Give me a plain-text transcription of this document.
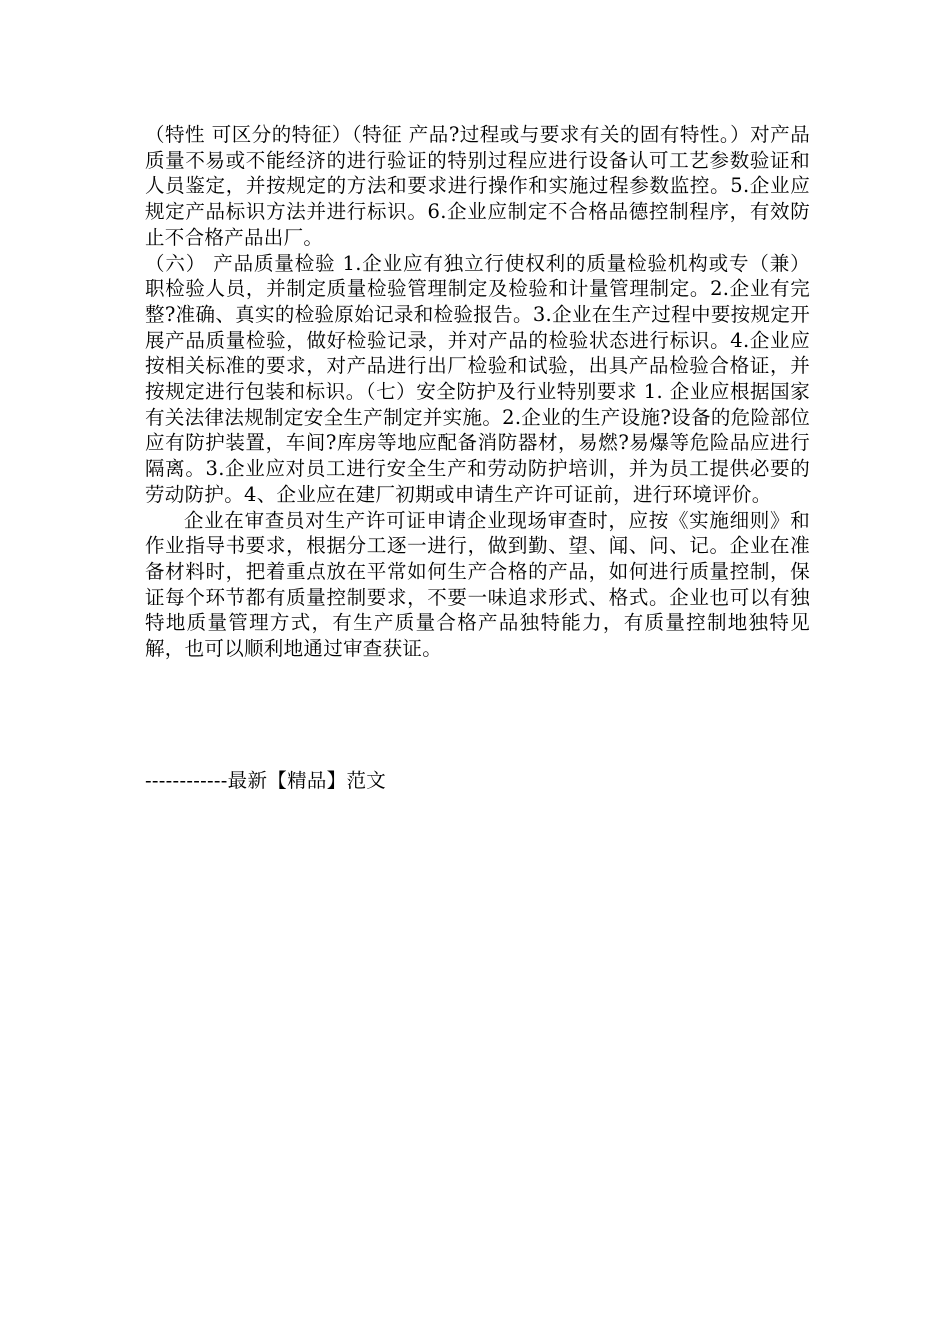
（特性 可区分的特征）（特征 产品?过程或与要求有关的固有特性。）对产品质量不易或不能经济的进行验证的特别过程应进行设备认可工艺参数验证和人员鉴定，并按规定的方法和要求进行操作和实施过程参数监控。5.企业应规定产品标识方法并进行标识。6.企业应制定不合格品德控制程序，有效防止不合格产品出厂。

（六） 产品质量检验 1.企业应有独立行使权利的质量检验机构或专（兼）职检验人员，并制定质量检验管理制定及检验和计量管理制定。2.企业有完整?准确、真实的检验原始记录和检验报告。3.企业在生产过程中要按规定开展产品质量检验，做好检验记录，并对产品的检验状态进行标识。4.企业应按相关标准的要求，对产品进行出厂检验和试验，出具产品检验合格证，并按规定进行包装和标识。（七）安全防护及行业特别要求 1. 企业应根据国家有关法律法规制定安全生产制定并实施。2.企业的生产设施?设备的危险部位应有防护装置，车间?库房等地应配备消防器材，易燃?易爆等危险品应进行隔离。3.企业应对员工进行安全生产和劳动防护培训，并为员工提供必要的劳动防护。4、企业应在建厂初期或申请生产许可证前，进行环境评价。

企业在审查员对生产许可证申请企业现场审查时，应按《实施细则》和作业指导书要求，根据分工逐一进行，做到勤、望、闻、问、记。企业在准备材料时，把着重点放在平常如何生产合格的产品，如何进行质量控制，保证每个环节都有质量控制要求，不要一味追求形式、格式。企业也可以有独特地质量管理方式，有生产质量合格产品独特能力，有质量控制地独特见解，也可以顺利地通过审查获证。

------------最新【精品】范文
